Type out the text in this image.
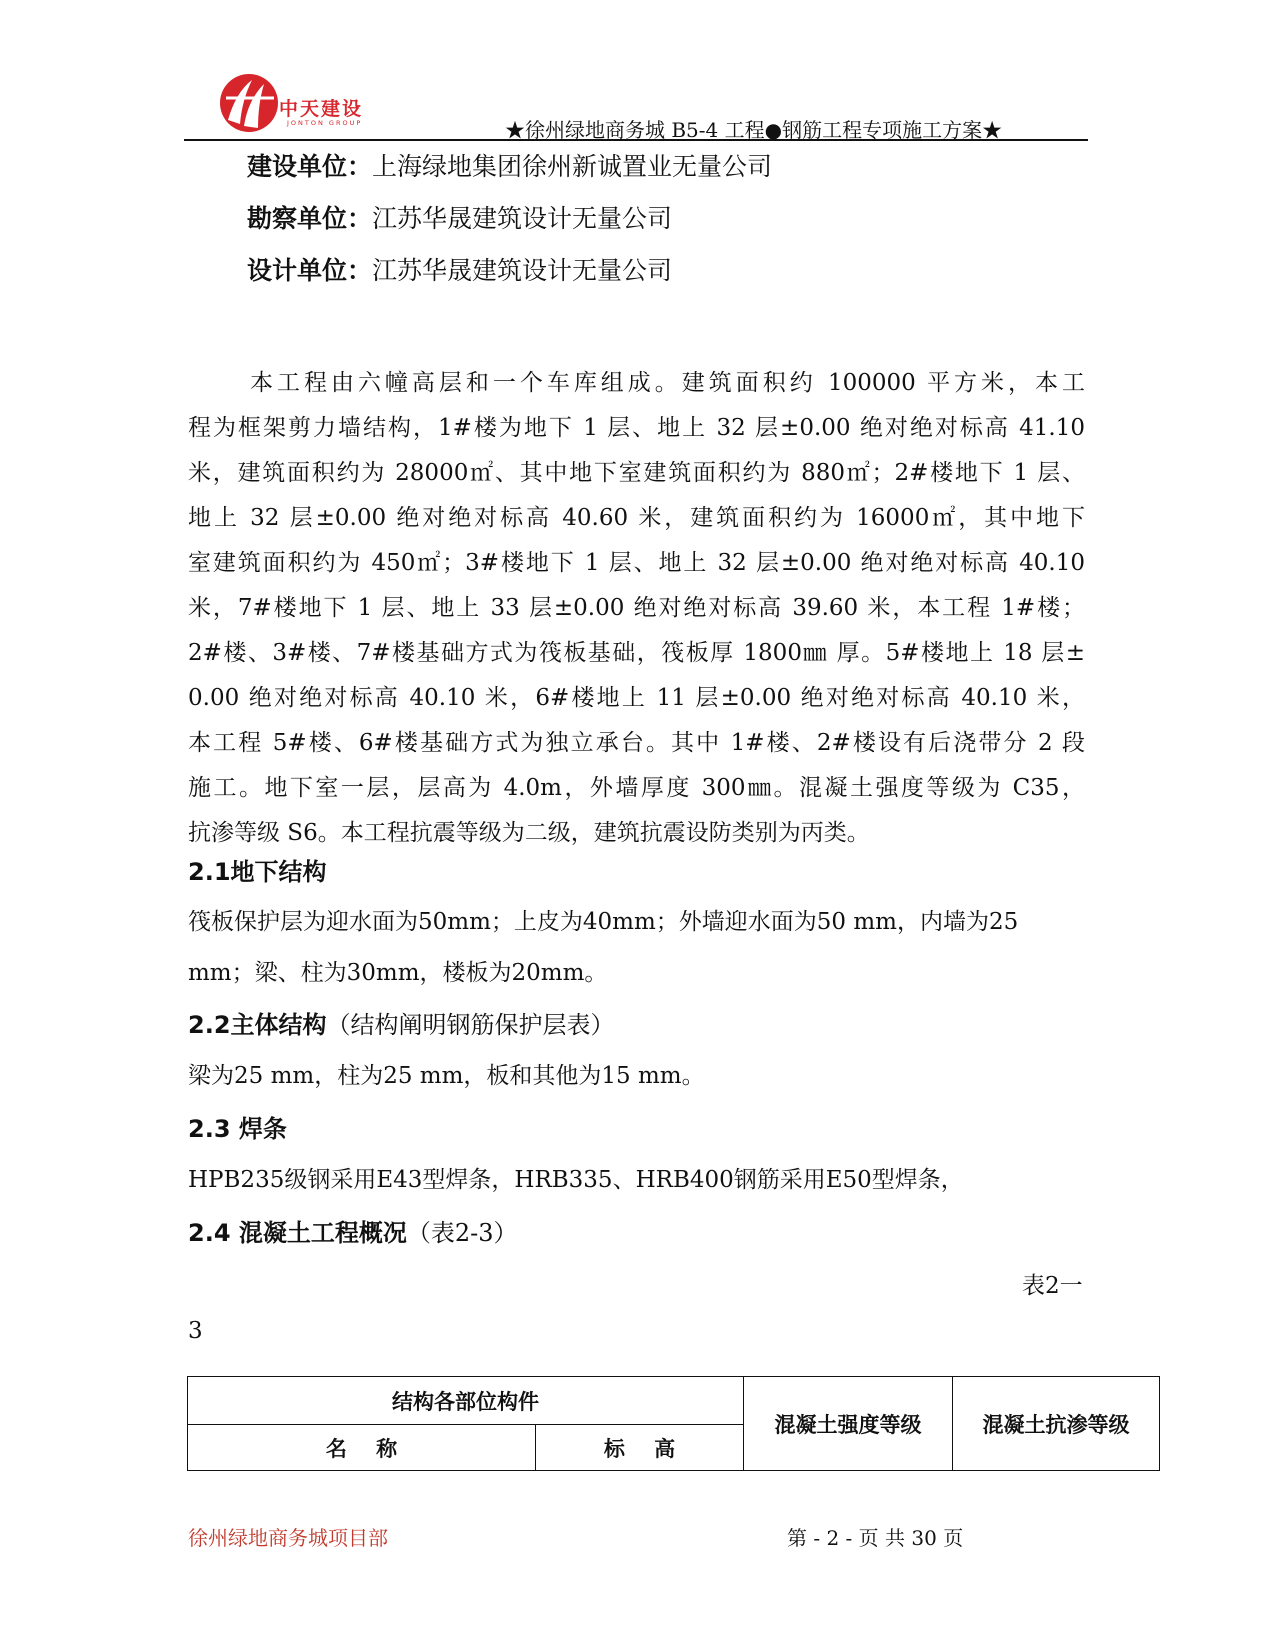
中天建设
JONTON GROUP	★徐州绿地商务城 B5-4 工程●钢筋工程专项施工方案★
建设单位：上海绿地集团徐州新诚置业无量公司
勘察单位：江苏华晟建筑设计无量公司
设计单位：江苏华晟建筑设计无量公司
本工程由六幢高层和一个车库组成。建筑面积约 100000 平方米，本工
程为框架剪力墙结构，1#楼为地下 1 层、地上 32 层±0.00 绝对绝对标高 41.10
米，建筑面积约为 28000㎡、其中地下室建筑面积约为 880㎡；2#楼地下 1 层、
地上 32 层±0.00 绝对绝对标高 40.60 米，建筑面积约为 16000㎡，其中地下
室建筑面积约为 450㎡；3#楼地下 1 层、地上 32 层±0.00 绝对绝对标高 40.10
米，7#楼地下 1 层、地上 33 层±0.00 绝对绝对标高 39.60 米，本工程 1#楼；
2#楼、3#楼、7#楼基础方式为筏板基础，筏板厚 1800㎜ 厚。5#楼地上 18 层±
0.00 绝对绝对标高 40.10 米，6#楼地上 11 层±0.00 绝对绝对标高 40.10 米，
本工程 5#楼、6#楼基础方式为独立承台。其中 1#楼、2#楼设有后浇带分 2 段
施工。地下室一层，层高为 4.0m，外墙厚度 300㎜。混凝土强度等级为 C35，
抗渗等级 S6。本工程抗震等级为二级，建筑抗震设防类别为丙类。
2.1地下结构
筏板保护层为迎水面为50mm；上皮为40mm；外墙迎水面为50 mm，内墙为25
mm；梁、柱为30mm，楼板为20mm。
2.2主体结构（结构阐明钢筋保护层表）
梁为25 mm，柱为25 mm，板和其他为15 mm。
2.3 焊条
HPB235级钢采用E43型焊条，HRB335、HRB400钢筋采用E50型焊条，
2.4 混凝土工程概况（表2-3）
表2一
3
结构各部位构件		混凝土强度等级	混凝土抗渗等级
名    称	标    高		
徐州绿地商务城项目部	第 - 2 - 页 共 30 页
